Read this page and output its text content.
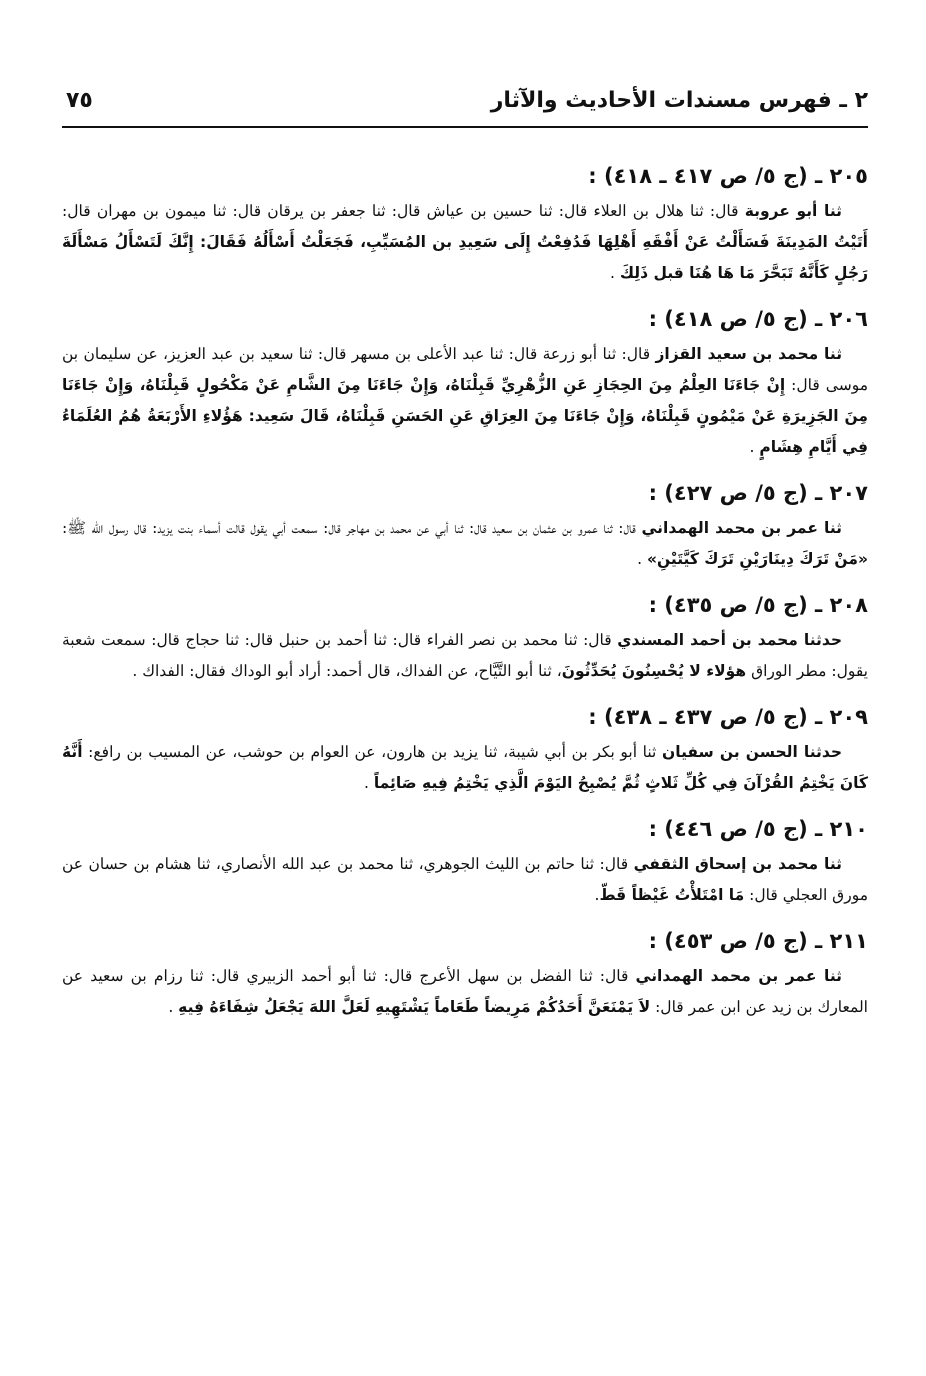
٢ ـ فهرس مسندات الأحاديث والآثار
٧٥
٢٠٥ ـ (ج ٥/ ص ٤١٧ ـ ٤١٨) :

ثنا أبو عروبة قال: ثنا هلال بن العلاء قال: ثنا حسين بن عياش قال: ثنا جعفر بن يرقان قال: ثنا ميمون بن مهران قال: أَتَيْتُ المَدِينَةَ فَسَأَلْتُ عَنْ أَفْقَهِ أَهْلِهَا فَدُفِعْتُ إِلَى سَعِيدِ بن المُسَيِّبِ، فَجَعَلْتُ أَسْأَلُهُ فَقَالَ: إِنَّكَ لَتَسْأَلُ مَسْأَلَةَ رَجُلٍ كَأَنَّهُ تَبَحَّرَ مَا هَا هُنَا قبل ذَلِكَ .

٢٠٦ ـ (ج ٥/ ص ٤١٨) :

ثنا محمد بن سعيد القزاز قال: ثنا أبو زرعة قال: ثنا عبد الأعلى بن مسهر قال: ثنا سعيد بن عبد العزيز، عن سليمان بن موسى قال: إِنْ جَاءَنَا العِلْمُ مِنَ الحِجَازِ عَنِ الزُّهْرِيِّ قَبِلْنَاهُ، وَإِنْ جَاءَنَا مِنَ الشَّامِ عَنْ مَكْحُولٍ قَبِلْنَاهُ، وَإِنْ جَاءَنَا مِنَ الجَزِيرَةِ عَنْ مَيْمُونٍ قَبِلْنَاهُ، وَإِنْ جَاءَنَا مِنَ العِرَاقِ عَنِ الحَسَنِ قَبِلْنَاهُ، قَالَ سَعِيد: هَؤُلاءِ الأَرْبَعَةُ هُمُ العُلَمَاءُ فِي أَيَّامِ هِشَامٍ .

٢٠٧ ـ (ج ٥/ ص ٤٢٧) :

ثنا عمر بن محمد الهمداني قال: ثنا عمرو بن عثمان بن سعيد قال: ثنا أبي عن محمد بن مهاجر قال: سمعت أبي يقول قالت أسماء بنت يزيد: قال رسول الله ﷺ: «مَنْ تَرَكَ دِينَارَيْنِ تَرَكَ كَيَّتَيْنِ» .

٢٠٨ ـ (ج ٥/ ص ٤٣٥) :

حدثنا محمد بن أحمد المسندي قال: ثنا محمد بن نصر الفراء قال: ثنا أحمد بن حنبل قال: ثنا حجاج قال: سمعت شعبة يقول: مطر الوراق هؤلاء لا يُحْسِنُونَ يُحَدِّثُونَ، ثنا أبو التَّيَّاح، عن الفداك، قال أحمد: أراد أبو الوداك فقال: الفداك .

٢٠٩ ـ (ج ٥/ ص ٤٣٧ ـ ٤٣٨) :

حدثنا الحسن بن سفيان ثنا أبو بكر بن أبي شيبة، ثنا يزيد بن هارون، عن العوام بن حوشب، عن المسيب بن رافع: أَنَّهُ كَانَ يَخْتِمُ القُرْآنَ فِي كُلِّ ثَلاثٍ ثُمَّ يُصْبِحُ اليَوْمَ الَّذِي يَخْتِمُ فِيهِ صَائِماً .

٢١٠ ـ (ج ٥/ ص ٤٤٦) :

ثنا محمد بن إسحاق الثقفي قال: ثنا حاتم بن الليث الجوهري، ثنا محمد بن عبد الله الأنصاري، ثنا هشام بن حسان عن مورق العجلي قال: مَا امْتَلأْتُ غَيْظاً قَطّ.

٢١١ ـ (ج ٥/ ص ٤٥٣) :

ثنا عمر بن محمد الهمداني قال: ثنا الفضل بن سهل الأعرج قال: ثنا أبو أحمد الزبيري قال: ثنا رزام بن سعيد عن المعارك بن زيد عن ابن عمر قال: لاَ يَمْنَعَنَّ أَحَدُكُمْ مَرِيضاً طَعَاماً يَشْتَهِيهِ لَعَلَّ اللهَ يَجْعَلُ شِفَاءَهُ فِيهِ .
